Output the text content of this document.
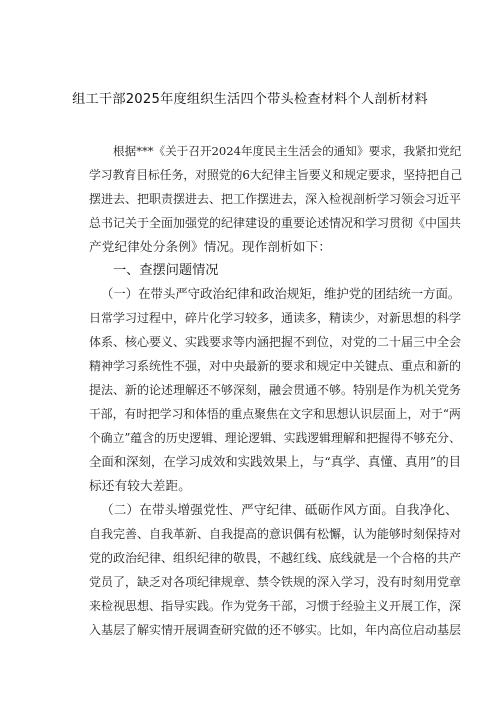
组工干部2025年度组织生活四个带头检查材料个人剖析材料
根据***《关于召开2024年度民主生活会的通知》要求，我紧扣党纪
学习教育目标任务，对照党的6大纪律主旨要义和规定要求，坚持把自己
摆进去、把职责摆进去、把工作摆进去，深入检视剖析学习领会习近平
总书记关于全面加强党的纪律建设的重要论述情况和学习贯彻《中国共
产党纪律处分条例》情况。现作剖析如下：
一、查摆问题情况
（一）在带头严守政治纪律和政治规矩，维护党的团结统一方面。
日常学习过程中，碎片化学习较多，通读多，精读少，对新思想的科学
体系、核心要义、实践要求等内涵把握不到位，对党的二十届三中全会
精神学习系统性不强，对中央最新的要求和规定中关键点、重点和新的
提法、新的论述理解还不够深刻，融会贯通不够。特别是作为机关党务
干部，有时把学习和体悟的重点聚焦在文字和思想认识层面上，对于“两
个确立”蕴含的历史逻辑、理论逻辑、实践逻辑理解和把握得不够充分、
全面和深刻，在学习成效和实践效果上，与“真学、真懂、真用”的目
标还有较大差距。
（二）在带头增强党性、严守纪律、砥砺作风方面。自我净化、
自我完善、自我革新、自我提高的意识偶有松懈，认为能够时刻保持对
党的政治纪律、组织纪律的敬畏，不越红线、底线就是一个合格的共产
党员了，缺乏对各项纪律规章、禁令铁规的深入学习，没有时刻用党章
来检视思想、指导实践。作为党务干部，习惯于经验主义开展工作，深
入基层了解实情开展调查研究做的还不够实。比如，年内高位启动基层
